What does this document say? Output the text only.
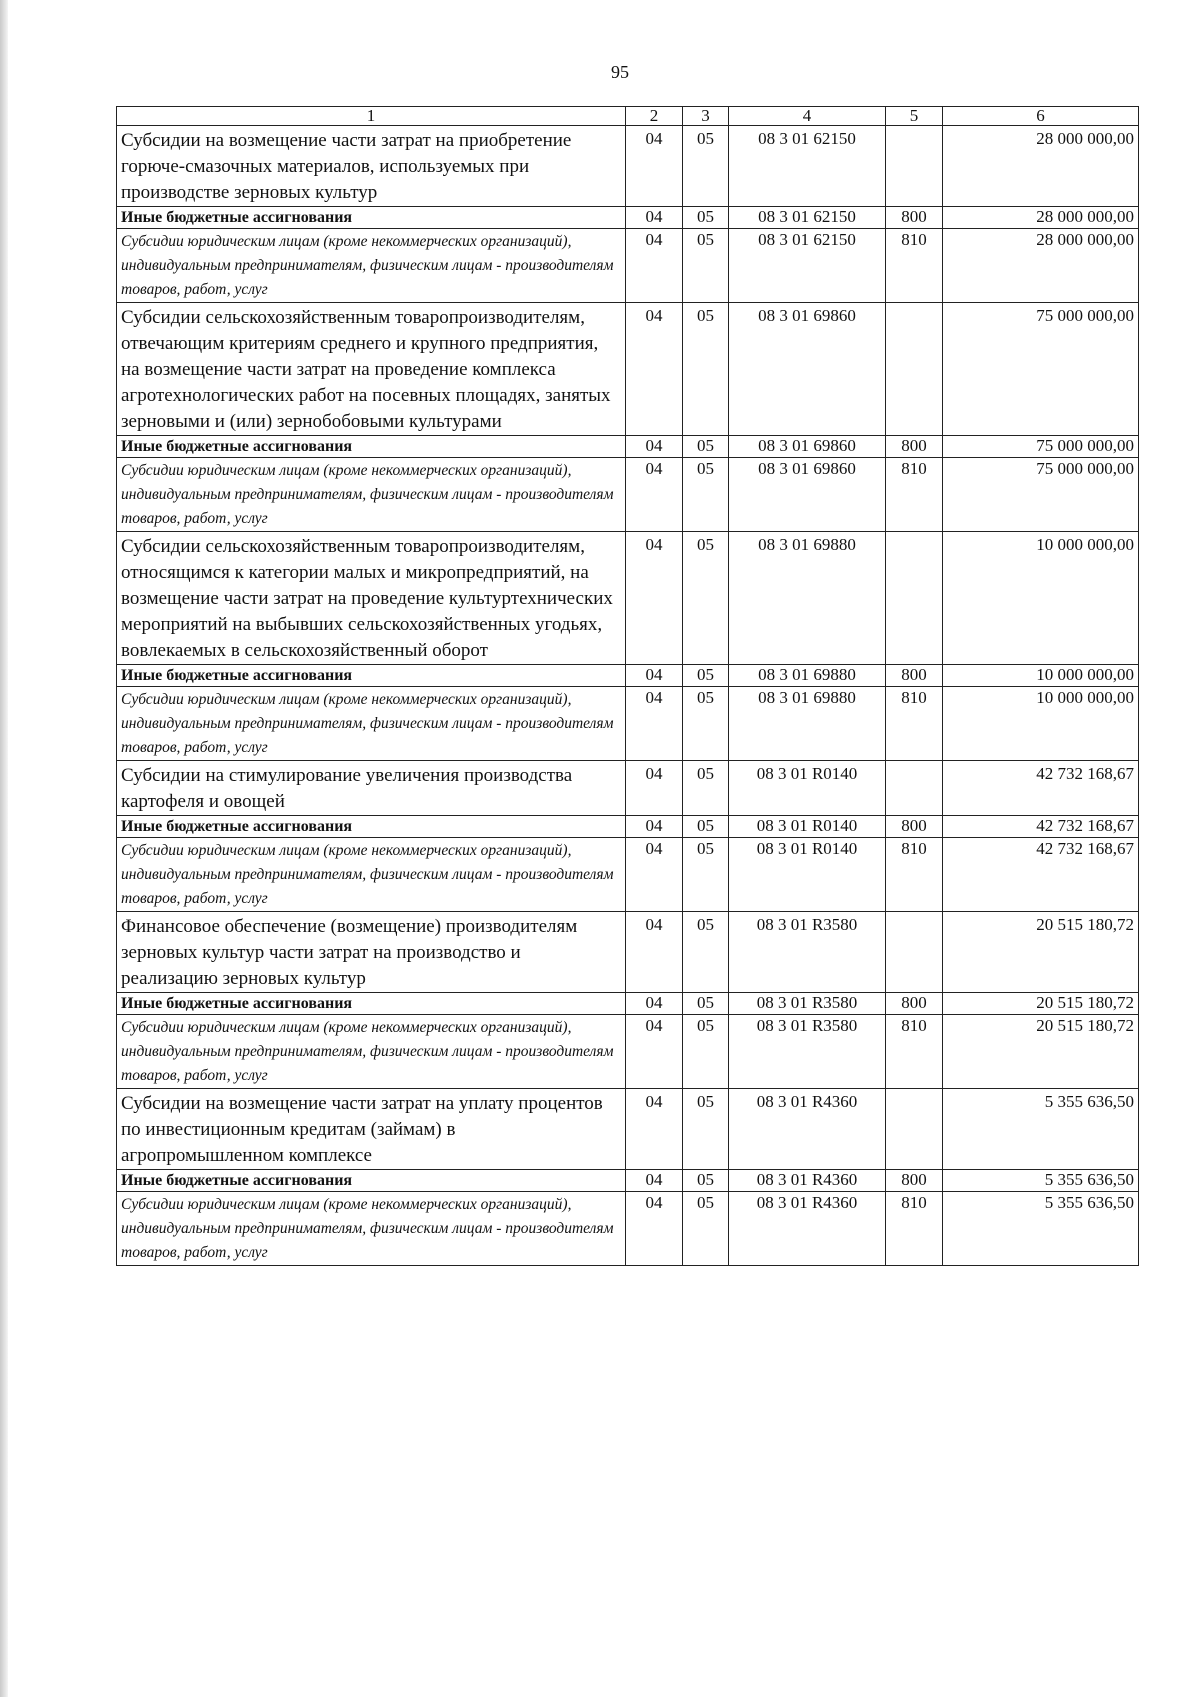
95
1	2	3	4	5	6
Субсидии на возмещение части затрат на приобретение горюче-смазочных материалов, используемых при производстве зерновых культур	04	05	08 3 01 62150		28 000 000,00
Иные бюджетные ассигнования	04	05	08 3 01 62150	800	28 000 000,00
Субсидии юридическим лицам (кроме некоммерческих организаций), индивидуальным предпринимателям, физическим лицам - производителям товаров, работ, услуг	04	05	08 3 01 62150	810	28 000 000,00
Субсидии сельскохозяйственным товаропроизводителям, отвечающим критериям среднего и крупного предприятия, на возмещение части затрат на проведение комплекса агротехнологических работ на посевных площадях, занятых зерновыми и (или) зернобобовыми культурами	04	05	08 3 01 69860		75 000 000,00
Иные бюджетные ассигнования	04	05	08 3 01 69860	800	75 000 000,00
Субсидии юридическим лицам (кроме некоммерческих организаций), индивидуальным предпринимателям, физическим лицам - производителям товаров, работ, услуг	04	05	08 3 01 69860	810	75 000 000,00
Субсидии сельскохозяйственным товаропроизводителям, относящимся к категории малых и микропредприятий, на возмещение части затрат на проведение культуртехнических мероприятий на выбывших сельскохозяйственных угодьях, вовлекаемых в сельскохозяйственный оборот	04	05	08 3 01 69880		10 000 000,00
Иные бюджетные ассигнования	04	05	08 3 01 69880	800	10 000 000,00
Субсидии юридическим лицам (кроме некоммерческих организаций), индивидуальным предпринимателям, физическим лицам - производителям товаров, работ, услуг	04	05	08 3 01 69880	810	10 000 000,00
Субсидии на стимулирование увеличения производства картофеля и овощей	04	05	08 3 01 R0140		42 732 168,67
Иные бюджетные ассигнования	04	05	08 3 01 R0140	800	42 732 168,67
Субсидии юридическим лицам (кроме некоммерческих организаций), индивидуальным предпринимателям, физическим лицам - производителям товаров, работ, услуг	04	05	08 3 01 R0140	810	42 732 168,67
Финансовое обеспечение (возмещение) производителям зерновых культур части затрат на производство и реализацию зерновых культур	04	05	08 3 01 R3580		20 515 180,72
Иные бюджетные ассигнования	04	05	08 3 01 R3580	800	20 515 180,72
Субсидии юридическим лицам (кроме некоммерческих организаций), индивидуальным предпринимателям, физическим лицам - производителям товаров, работ, услуг	04	05	08 3 01 R3580	810	20 515 180,72
Субсидии на возмещение части затрат на уплату процентов по инвестиционным кредитам (займам) в агропромышленном комплексе	04	05	08 3 01 R4360		5 355 636,50
Иные бюджетные ассигнования	04	05	08 3 01 R4360	800	5 355 636,50
Субсидии юридическим лицам (кроме некоммерческих организаций), индивидуальным предпринимателям, физическим лицам - производителям товаров, работ, услуг	04	05	08 3 01 R4360	810	5 355 636,50
